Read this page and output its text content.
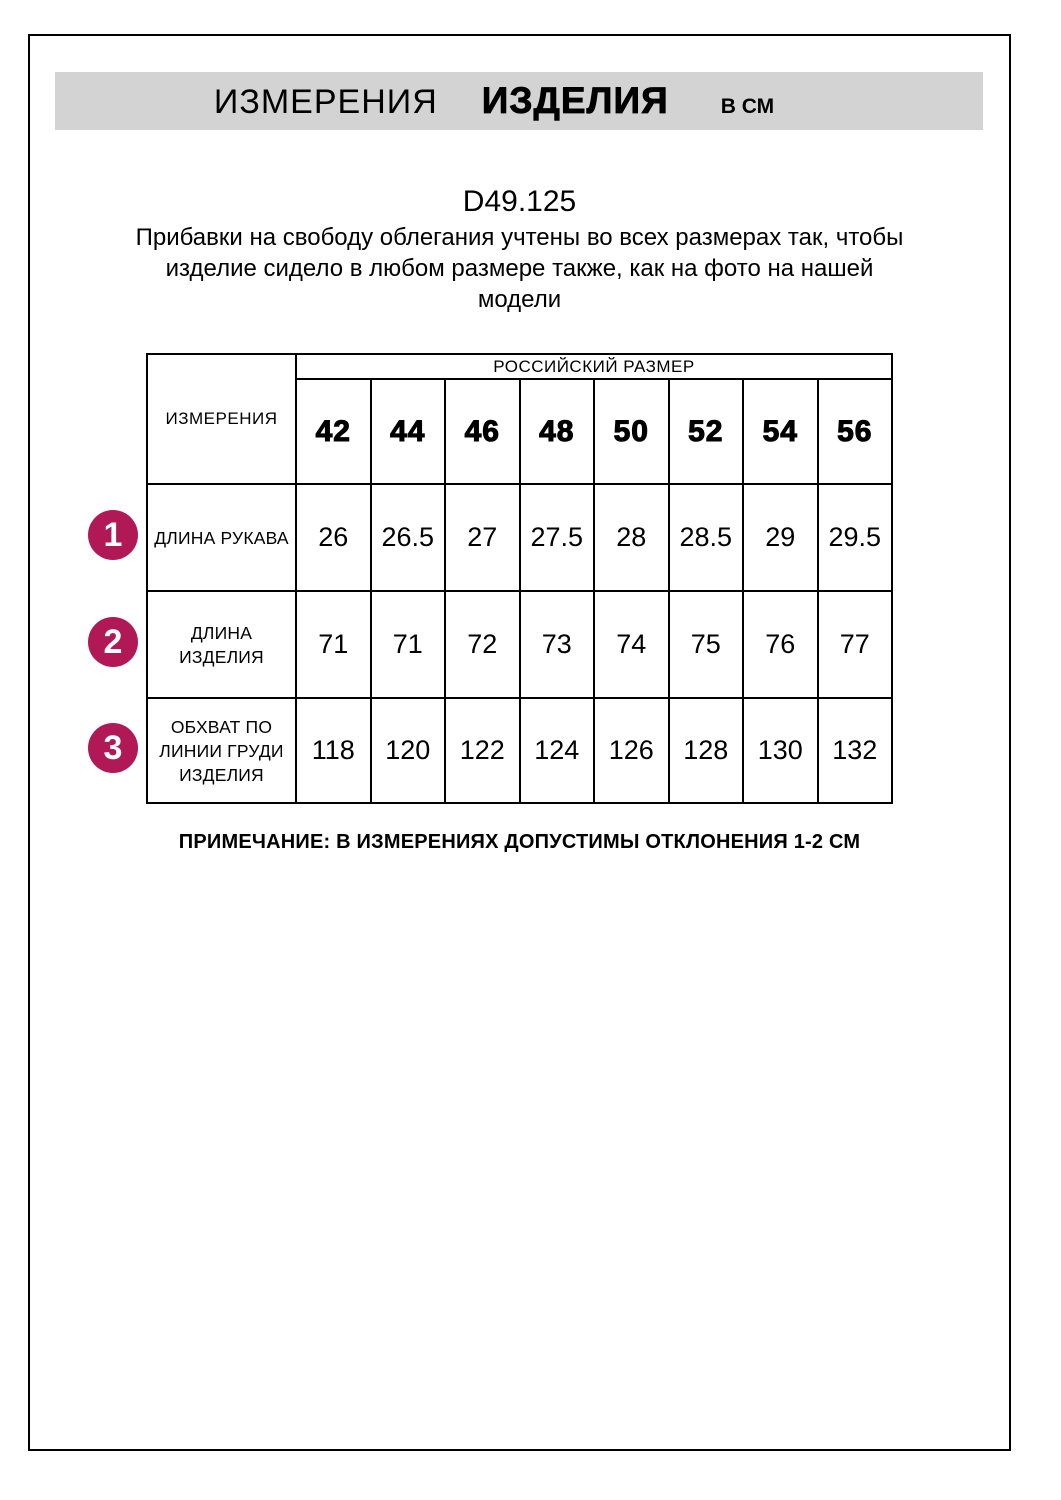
ИЗМЕРЕНИЯ ИЗДЕЛИЯ В СМ
D49.125
Прибавки на свободу облегания учтены во всех размерах так, чтобы
изделие сидело в любом размере также, как на фото на нашей
модели
ИЗМЕРЕНИЯ	РОССИЙСКИЙ РАЗМЕР							
	42	44	46	48	50	52	54	56
ДЛИНА РУКАВА	26	26.5	27	27.5	28	28.5	29	29.5
ДЛИНА ИЗДЕЛИЯ	71	71	72	73	74	75	76	77
ОБХВАТ ПО ЛИНИИ ГРУДИ ИЗДЕЛИЯ	118	120	122	124	126	128	130	132
1
2
3
ПРИМЕЧАНИЕ: В ИЗМЕРЕНИЯХ ДОПУСТИМЫ ОТКЛОНЕНИЯ 1-2 СМ
